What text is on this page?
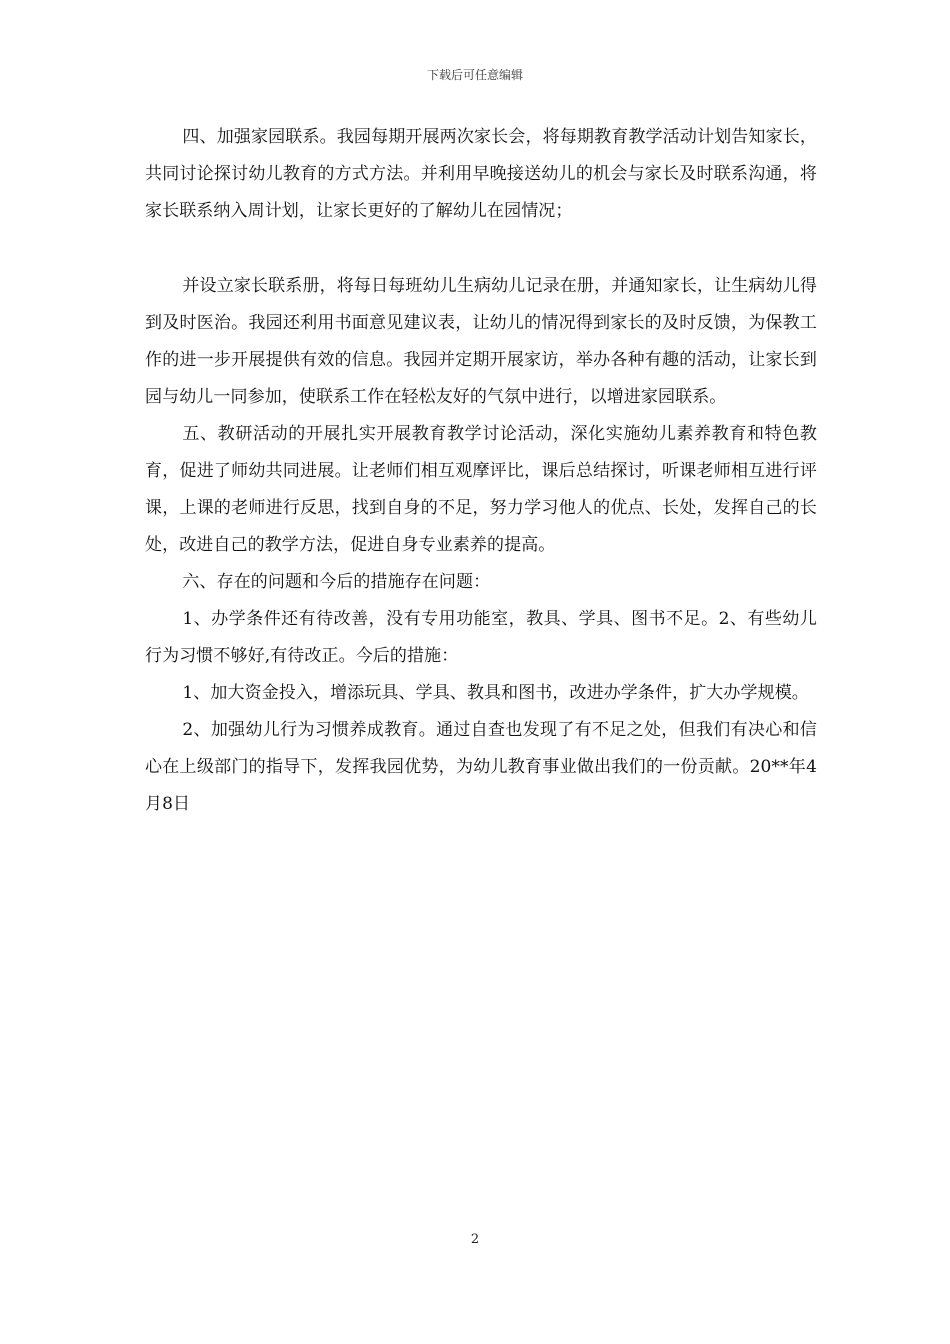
下载后可任意编辑

四、加强家园联系。我园每期开展两次家长会，将每期教育教学活动计划告知家长，共同讨论探讨幼儿教育的方式方法。并利用早晚接送幼儿的机会与家长及时联系沟通，将家长联系纳入周计划，让家长更好的了解幼儿在园情况；

并设立家长联系册，将每日每班幼儿生病幼儿记录在册，并通知家长，让生病幼儿得到及时医治。我园还利用书面意见建议表，让幼儿的情况得到家长的及时反馈，为保教工作的进一步开展提供有效的信息。我园并定期开展家访，举办各种有趣的活动，让家长到园与幼儿一同参加，使联系工作在轻松友好的气氛中进行，以增进家园联系。

五、教研活动的开展扎实开展教育教学讨论活动，深化实施幼儿素养教育和特色教育，促进了师幼共同进展。让老师们相互观摩评比，课后总结探讨，听课老师相互进行评课，上课的老师进行反思，找到自身的不足，努力学习他人的优点、长处，发挥自己的长处，改进自己的教学方法，促进自身专业素养的提高。

六、存在的问题和今后的措施存在问题：

1、办学条件还有待改善，没有专用功能室，教具、学具、图书不足。2、有些幼儿行为习惯不够好,有待改正。今后的措施：

1、加大资金投入，增添玩具、学具、教具和图书，改进办学条件，扩大办学规模。

2、加强幼儿行为习惯养成教育。通过自查也发现了有不足之处，但我们有决心和信心在上级部门的指导下，发挥我园优势，为幼儿教育事业做出我们的一份贡献。20**年4月8日

2
